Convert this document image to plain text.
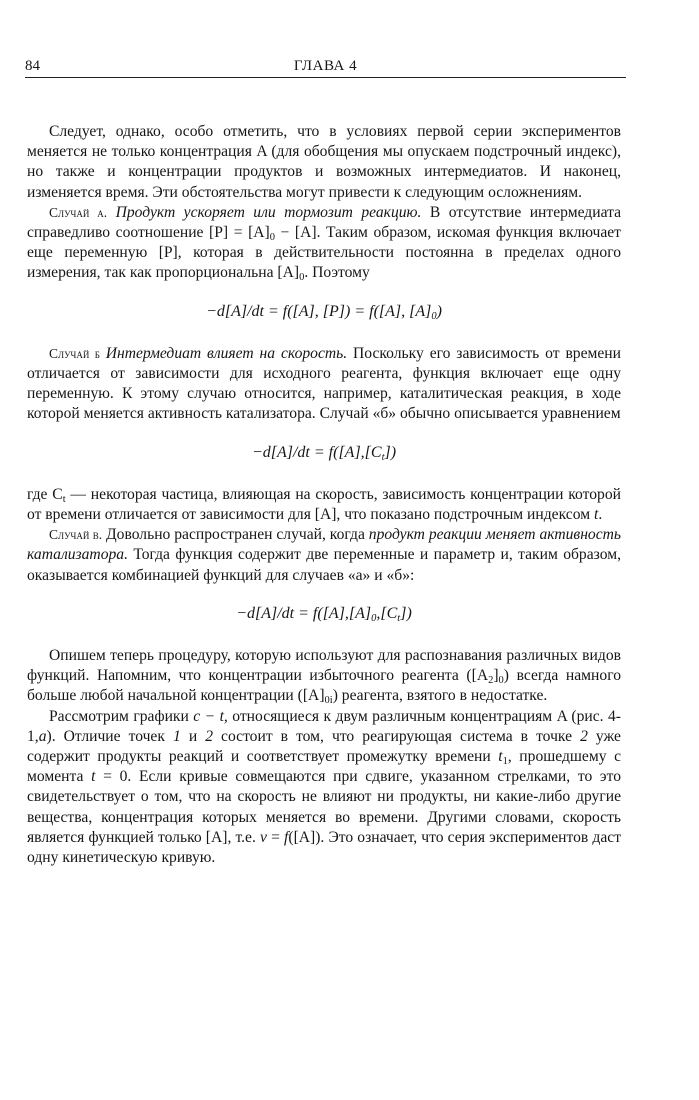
84	ГЛАВА 4

Следует, однако, особо отметить, что в условиях первой серии экспериментов меняется не только концентрация A (для обобщения мы опускаем подстрочный индекс), но также и концентрации продуктов и возможных интермедиатов. И наконец, изменяется время. Эти обстоятельства могут привести к следующим осложнениям.

Случай а. Продукт ускоряет или тормозит реакцию. В отсутствие интермедиата справедливо соотношение $[P] = [A]_0 - [A]$. Таким образом, искомая функция включает еще переменную [P], которая в действительности постоянна в пределах одного измерения, так как пропорциональна $[A]_0$. Поэтому

−d[A]/dt = f([A], [P]) = f([A], $[A]_0$)

Случай б Интермедиат влияет на скорость. Поскольку его зависимость от времени отличается от зависимости для исходного реагента, функция включает еще одну переменную. К этому случаю относится, например, каталитическая реакция, в ходе которой меняется активность катализатора. Случай «б» обычно описывается уравнением

$-d[A]/dt = f([A],[C_t])$

где $C_t$ — некоторая частица, влияющая на скорость, зависимость концентрации которой от времени отличается от зависимости для [A], что показано подстрочным индексом t.

Случай в. Довольно распространен случай, когда продукт реакции меняет активность катализатора. Тогда функция содержит две переменные и параметр и, таким образом, оказывается комбинацией функций для случаев «а» и «б»:

$-d[A]/dt = f([A],[A]_0,[C_t])$

Опишем теперь процедуру, которую используют для распознавания различных видов функций. Напомним, что концентрации избыточного реагента $([A_2]_0)$ всегда намного больше любой начальной концентрации $([A]_{0i})$ реагента, взятого в недостатке.

Рассмотрим графики c − t, относящиеся к двум различным концентрациям A (рис. 4-1,a). Отличие точек 1 и 2 состоит в том, что реагирующая система в точке 2 уже содержит продукты реакций и соответствует промежутку времени $t_1$, прошедшему с момента t = 0. Если кривые совмещаются при сдвиге, указанном стрелками, то это свидетельствует о том, что на скорость не влияют ни продукты, ни какие-либо другие вещества, концентрация которых меняется во времени. Другими словами, скорость является функцией только [A], т.е. v = f([A]). Это означает, что серия экспериментов даст одну кинетическую кривую.
